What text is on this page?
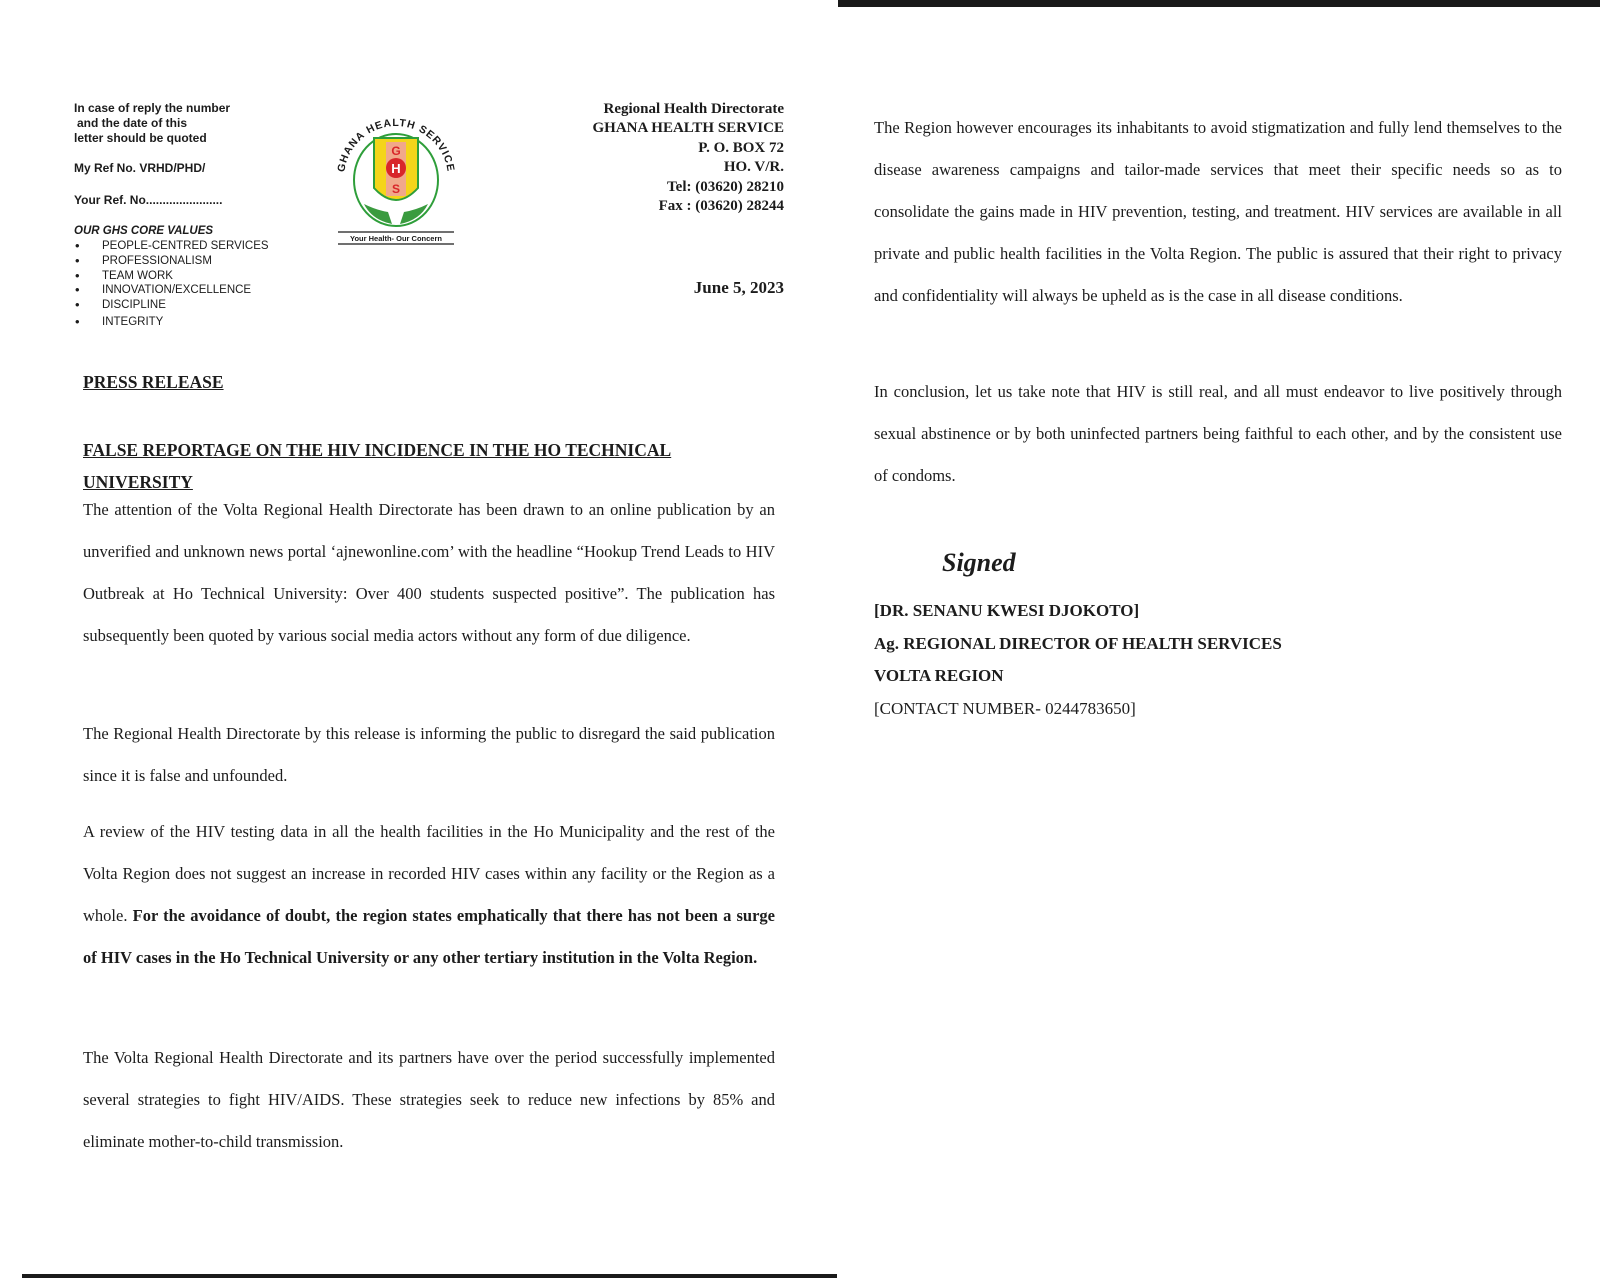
In case of reply the number
and the date of this
letter should be quoted
My Ref No. VRHD/PHD/
Your Ref. No.......................
OUR GHS CORE VALUES
• PEOPLE-CENTRED SERVICES
• PROFESSIONALISM
• TEAM WORK
• INNOVATION/EXCELLENCE
• DISCIPLINE
• INTEGRITY
GHANA HEALTH SERVICE
G
H
S
Your Health- Our Concern
Regional Health Directorate
GHANA HEALTH SERVICE
P. O. BOX 72
HO. V/R.
Tel: (03620) 28210
Fax : (03620) 28244
June 5, 2023
PRESS RELEASE
FALSE REPORTAGE ON THE HIV INCIDENCE IN THE HO TECHNICAL UNIVERSITY

The attention of the Volta Regional Health Directorate has been drawn to an online publication by an unverified and unknown news portal ‘ajnewonline.com’ with the headline “Hookup Trend Leads to HIV Outbreak at Ho Technical University: Over 400 students suspected positive”. The publication has subsequently been quoted by various social media actors without any form of due diligence.

The Regional Health Directorate by this release is informing the public to disregard the said publication since it is false and unfounded.

A review of the HIV testing data in all the health facilities in the Ho Municipality and the rest of the Volta Region does not suggest an increase in recorded HIV cases within any facility or the Region as a whole. For the avoidance of doubt, the region states emphatically that there has not been a surge of HIV cases in the Ho Technical University or any other tertiary institution in the Volta Region.

The Volta Regional Health Directorate and its partners have over the period successfully implemented several strategies to fight HIV/AIDS. These strategies seek to reduce new infections by 85% and eliminate mother-to-child transmission.

The Region however encourages its inhabitants to avoid stigmatization and fully lend themselves to the disease awareness campaigns and tailor-made services that meet their specific needs so as to consolidate the gains made in HIV prevention, testing, and treatment. HIV services are available in all private and public health facilities in the Volta Region. The public is assured that their right to privacy and confidentiality will always be upheld as is the case in all disease conditions.

In conclusion, let us take note that HIV is still real, and all must endeavor to live positively through sexual abstinence or by both uninfected partners being faithful to each other, and by the consistent use of condoms.

Signed
[DR. SENANU KWESI DJOKOTO]
Ag. REGIONAL DIRECTOR OF HEALTH SERVICES
VOLTA REGION
[CONTACT NUMBER- 0244783650]
